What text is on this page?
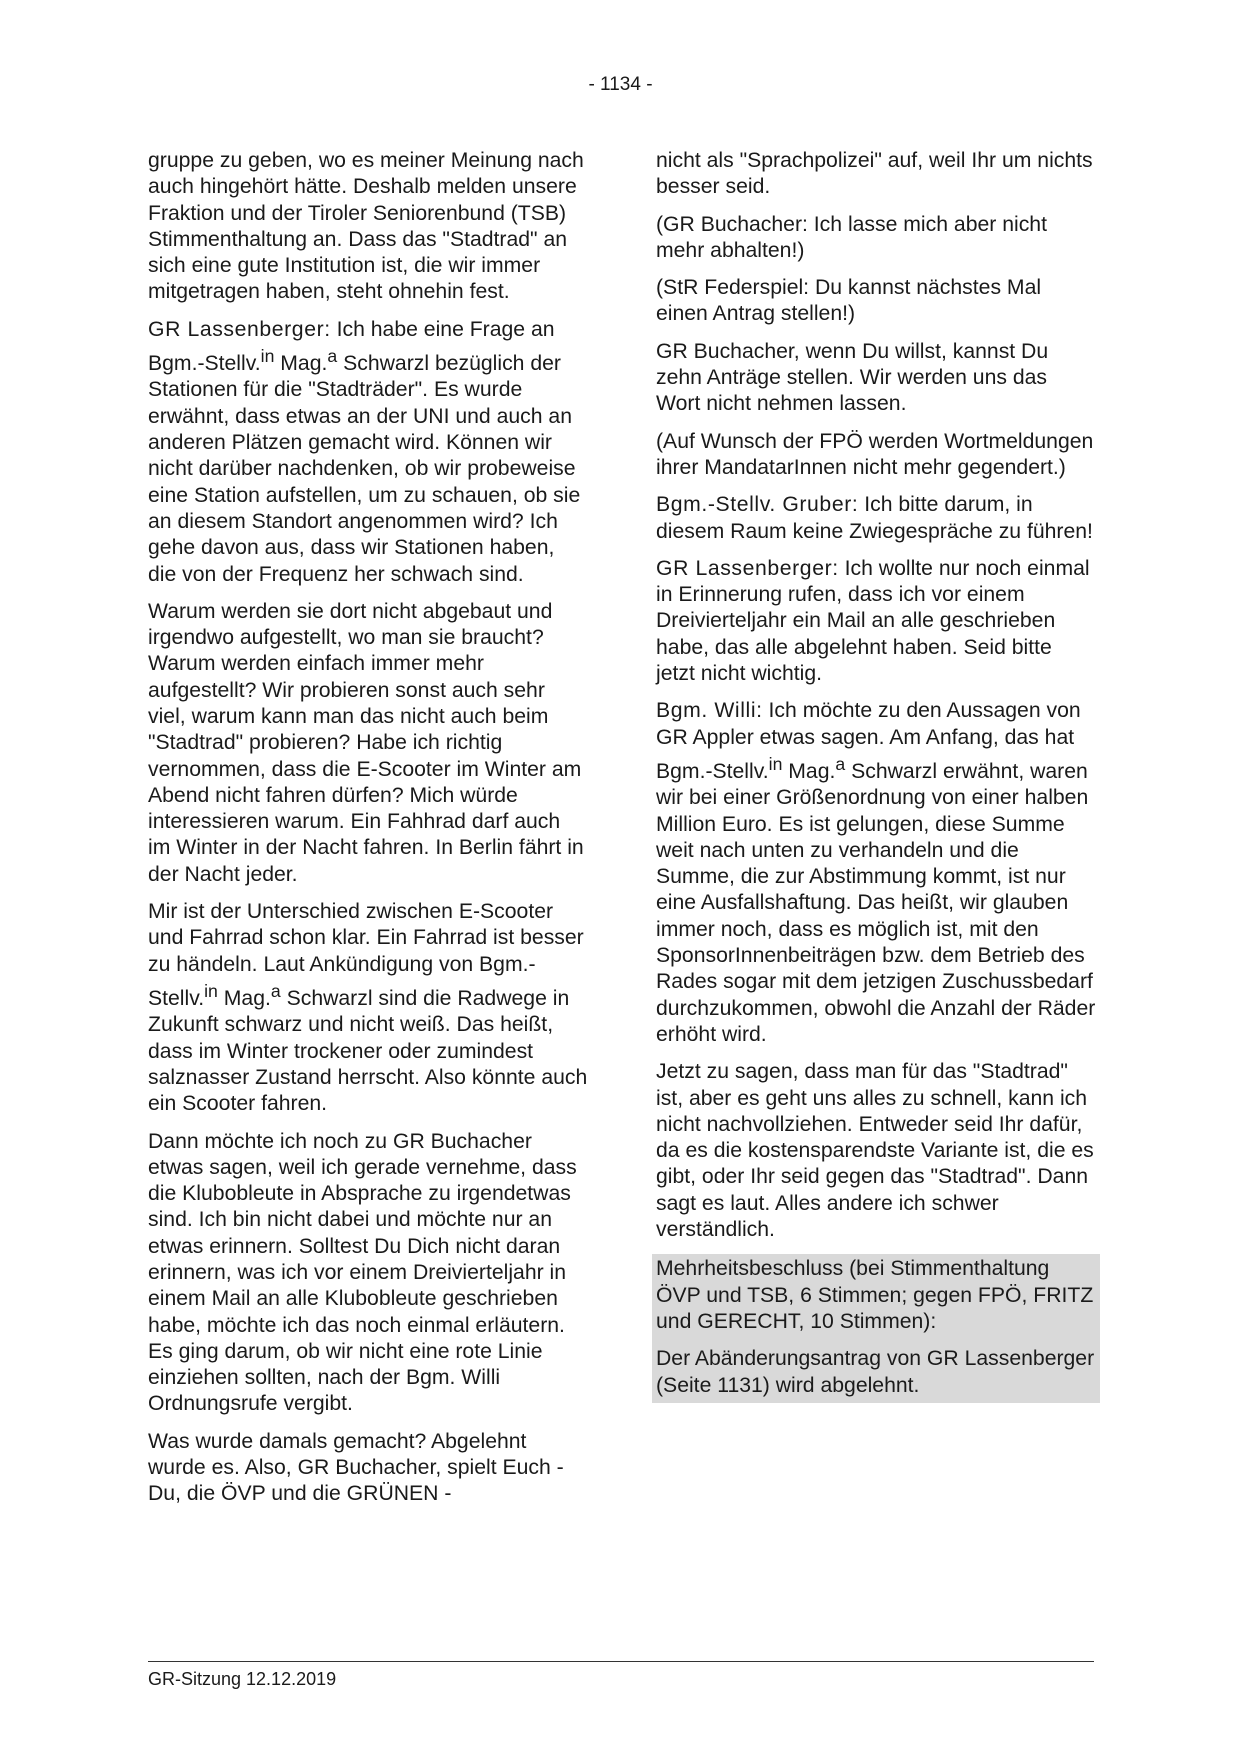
- 1134 -

gruppe zu geben, wo es meiner Meinung nach auch hingehört hätte. Deshalb melden unsere Fraktion und der Tiroler Seniorenbund (TSB) Stimmenthaltung an. Dass das "Stadtrad" an sich eine gute Institution ist, die wir immer mitgetragen haben, steht ohnehin fest.

GR Lassenberger: Ich habe eine Frage an Bgm.-Stellv.$^{in}$ Mag.$^a$ Schwarzl bezüglich der Stationen für die "Stadträder". Es wurde erwähnt, dass etwas an der UNI und auch an anderen Plätzen gemacht wird. Können wir nicht darüber nachdenken, ob wir probeweise eine Station aufstellen, um zu schauen, ob sie an diesem Standort angenommen wird? Ich gehe davon aus, dass wir Stationen haben, die von der Frequenz her schwach sind.

Warum werden sie dort nicht abgebaut und irgendwo aufgestellt, wo man sie braucht? Warum werden einfach immer mehr aufgestellt? Wir probieren sonst auch sehr viel, warum kann man das nicht auch beim "Stadtrad" probieren? Habe ich richtig vernommen, dass die E-Scooter im Winter am Abend nicht fahren dürfen? Mich würde interessieren warum. Ein Fahhrad darf auch im Winter in der Nacht fahren. In Berlin fährt in der Nacht jeder.

Mir ist der Unterschied zwischen E-Scooter und Fahrrad schon klar. Ein Fahrrad ist besser zu händeln. Laut Ankündigung von Bgm.-Stellv.$^{in}$ Mag.$^a$ Schwarzl sind die Radwege in Zukunft schwarz und nicht weiß. Das heißt, dass im Winter trockener oder zumindest salznasser Zustand herrscht. Also könnte auch ein Scooter fahren.

Dann möchte ich noch zu GR Buchacher etwas sagen, weil ich gerade vernehme, dass die Klubobleute in Absprache zu irgendetwas sind. Ich bin nicht dabei und möchte nur an etwas erinnern. Solltest Du Dich nicht daran erinnern, was ich vor einem Dreivierteljahr in einem Mail an alle Klubobleute geschrieben habe, möchte ich das noch einmal erläutern. Es ging darum, ob wir nicht eine rote Linie einziehen sollten, nach der Bgm. Willi Ordnungsrufe vergibt.

Was wurde damals gemacht? Abgelehnt wurde es. Also, GR Buchacher, spielt Euch - Du, die ÖVP und die GRÜNEN -

nicht als "Sprachpolizei" auf, weil Ihr um nichts besser seid.

(GR Buchacher: Ich lasse mich aber nicht mehr abhalten!)

(StR Federspiel: Du kannst nächstes Mal einen Antrag stellen!)

GR Buchacher, wenn Du willst, kannst Du zehn Anträge stellen. Wir werden uns das Wort nicht nehmen lassen.

(Auf Wunsch der FPÖ werden Wortmeldungen ihrer MandatarInnen nicht mehr gegendert.)

Bgm.-Stellv. Gruber: Ich bitte darum, in diesem Raum keine Zwiegespräche zu führen!

GR Lassenberger: Ich wollte nur noch einmal in Erinnerung rufen, dass ich vor einem Dreivierteljahr ein Mail an alle geschrieben habe, das alle abgelehnt haben. Seid bitte jetzt nicht wichtig.

Bgm. Willi: Ich möchte zu den Aussagen von GR Appler etwas sagen. Am Anfang, das hat Bgm.-Stellv.$^{in}$ Mag.$^a$ Schwarzl erwähnt, waren wir bei einer Größenordnung von einer halben Million Euro. Es ist gelungen, diese Summe weit nach unten zu verhandeln und die Summe, die zur Abstimmung kommt, ist nur eine Ausfallshaftung. Das heißt, wir glauben immer noch, dass es möglich ist, mit den SponsorInnenbeiträgen bzw. dem Betrieb des Rades sogar mit dem jetzigen Zuschussbedarf durchzukommen, obwohl die Anzahl der Räder erhöht wird.

Jetzt zu sagen, dass man für das "Stadtrad" ist, aber es geht uns alles zu schnell, kann ich nicht nachvollziehen. Entweder seid Ihr dafür, da es die kostensparendste Variante ist, die es gibt, oder Ihr seid gegen das "Stadtrad". Dann sagt es laut. Alles andere ich schwer verständlich.

Mehrheitsbeschluss (bei Stimmenthaltung ÖVP und TSB, 6 Stimmen; gegen FPÖ, FRITZ und GERECHT, 10 Stimmen):

Der Abänderungsantrag von GR Lassenberger (Seite 1131) wird abgelehnt.

GR-Sitzung 12.12.2019
